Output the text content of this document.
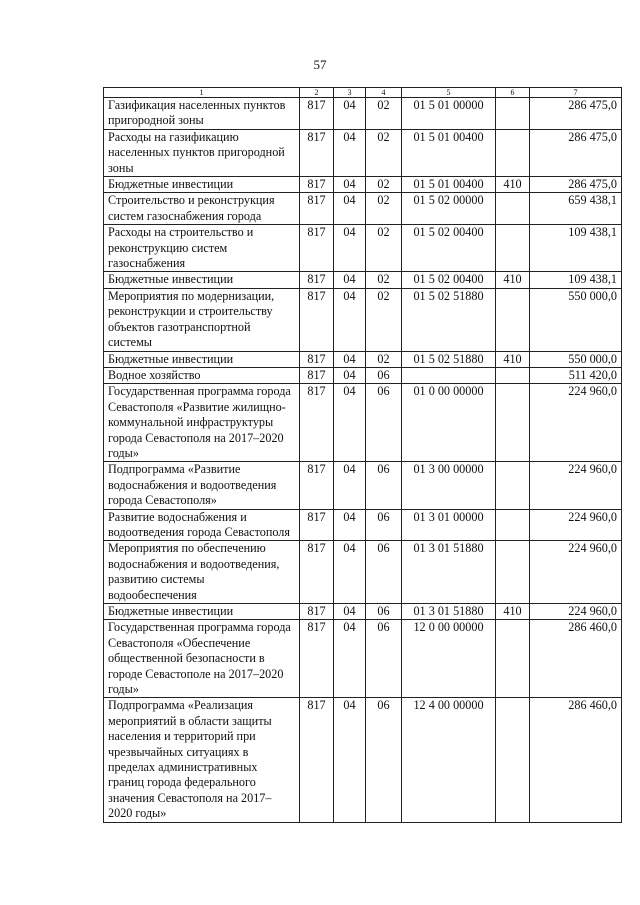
57
1	2	3	4	5	6	7
Газификация населенных пунктов пригородной зоны	817	04	02	01 5 01 00000		286 475,0
Расходы на газификацию населенных пунктов пригородной зоны	817	04	02	01 5 01 00400		286 475,0
Бюджетные инвестиции	817	04	02	01 5 01 00400	410	286 475,0
Строительство и реконструкция систем газоснабжения города	817	04	02	01 5 02 00000		659 438,1
Расходы на строительство и реконструкцию систем газоснабжения	817	04	02	01 5 02 00400		109 438,1
Бюджетные инвестиции	817	04	02	01 5 02 00400	410	109 438,1
Мероприятия по модернизации, реконструкции и строительству объектов газотранспортной системы	817	04	02	01 5 02 51880		550 000,0
Бюджетные инвестиции	817	04	02	01 5 02 51880	410	550 000,0
Водное хозяйство	817	04	06			511 420,0
Государственная программа города Севастополя «Развитие жилищно-коммунальной инфраструктуры города Севастополя на 2017–2020 годы»	817	04	06	01 0 00 00000		224 960,0
Подпрограмма «Развитие водоснабжения и водоотведения города Севастополя»	817	04	06	01 3 00 00000		224 960,0
Развитие водоснабжения и водоотведения города Севастополя	817	04	06	01 3 01 00000		224 960,0
Мероприятия по обеспечению водоснабжения и водоотведения, развитию системы водообеспечения	817	04	06	01 3 01 51880		224 960,0
Бюджетные инвестиции	817	04	06	01 3 01 51880	410	224 960,0
Государственная программа города Севастополя «Обеспечение общественной безопасности в городе Севастополе на 2017–2020 годы»	817	04	06	12 0 00 00000		286 460,0
Подпрограмма «Реализация мероприятий в области защиты населения и территорий при чрезвычайных ситуациях в пределах административных границ города федерального значения Севастополя на 2017–2020 годы»	817	04	06	12 4 00 00000		286 460,0
